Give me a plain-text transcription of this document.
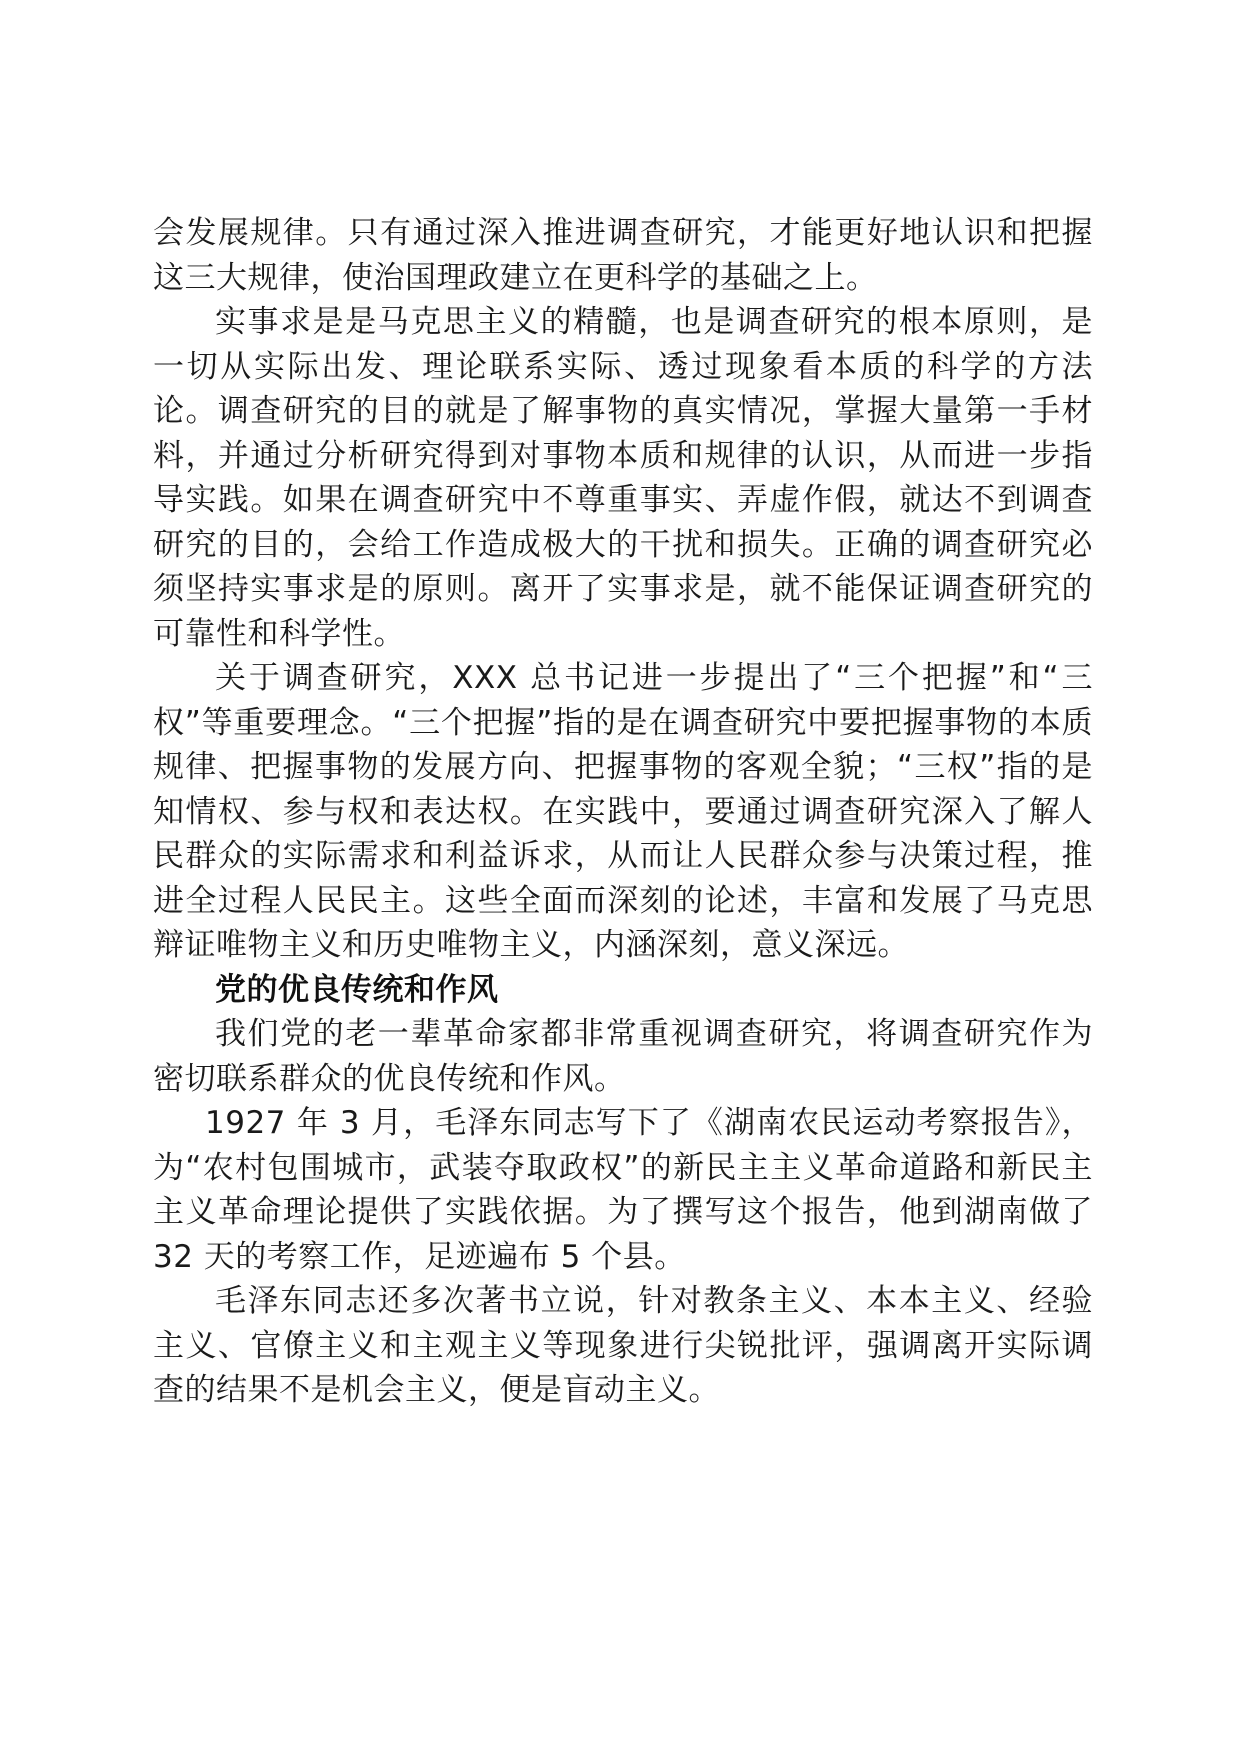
会发展规律。只有通过深入推进调查研究，才能更好地认识和把握这三大规律，使治国理政建立在更科学的基础之上。

实事求是是马克思主义的精髓，也是调查研究的根本原则，是一切从实际出发、理论联系实际、透过现象看本质的科学的方法论。调查研究的目的就是了解事物的真实情况，掌握大量第一手材料，并通过分析研究得到对事物本质和规律的认识，从而进一步指导实践。如果在调查研究中不尊重事实、弄虚作假，就达不到调查研究的目的，会给工作造成极大的干扰和损失。正确的调查研究必须坚持实事求是的原则。离开了实事求是，就不能保证调查研究的可靠性和科学性。

关于调查研究，XXX 总书记进一步提出了“三个把握”和“三权”等重要理念。“三个把握”指的是在调查研究中要把握事物的本质规律、把握事物的发展方向、把握事物的客观全貌；“三权”指的是知情权、参与权和表达权。在实践中，要通过调查研究深入了解人民群众的实际需求和利益诉求，从而让人民群众参与决策过程，推进全过程人民民主。这些全面而深刻的论述，丰富和发展了马克思辩证唯物主义和历史唯物主义，内涵深刻，意义深远。

党的优良传统和作风

我们党的老一辈革命家都非常重视调查研究，将调查研究作为密切联系群众的优良传统和作风。

1927 年 3 月，毛泽东同志写下了《湖南农民运动考察报告》，为“农村包围城市，武装夺取政权”的新民主主义革命道路和新民主主义革命理论提供了实践依据。为了撰写这个报告，他到湖南做了 32 天的考察工作，足迹遍布 5 个县。

毛泽东同志还多次著书立说，针对教条主义、本本主义、经验主义、官僚主义和主观主义等现象进行尖锐批评，强调离开实际调查的结果不是机会主义，便是盲动主义。
